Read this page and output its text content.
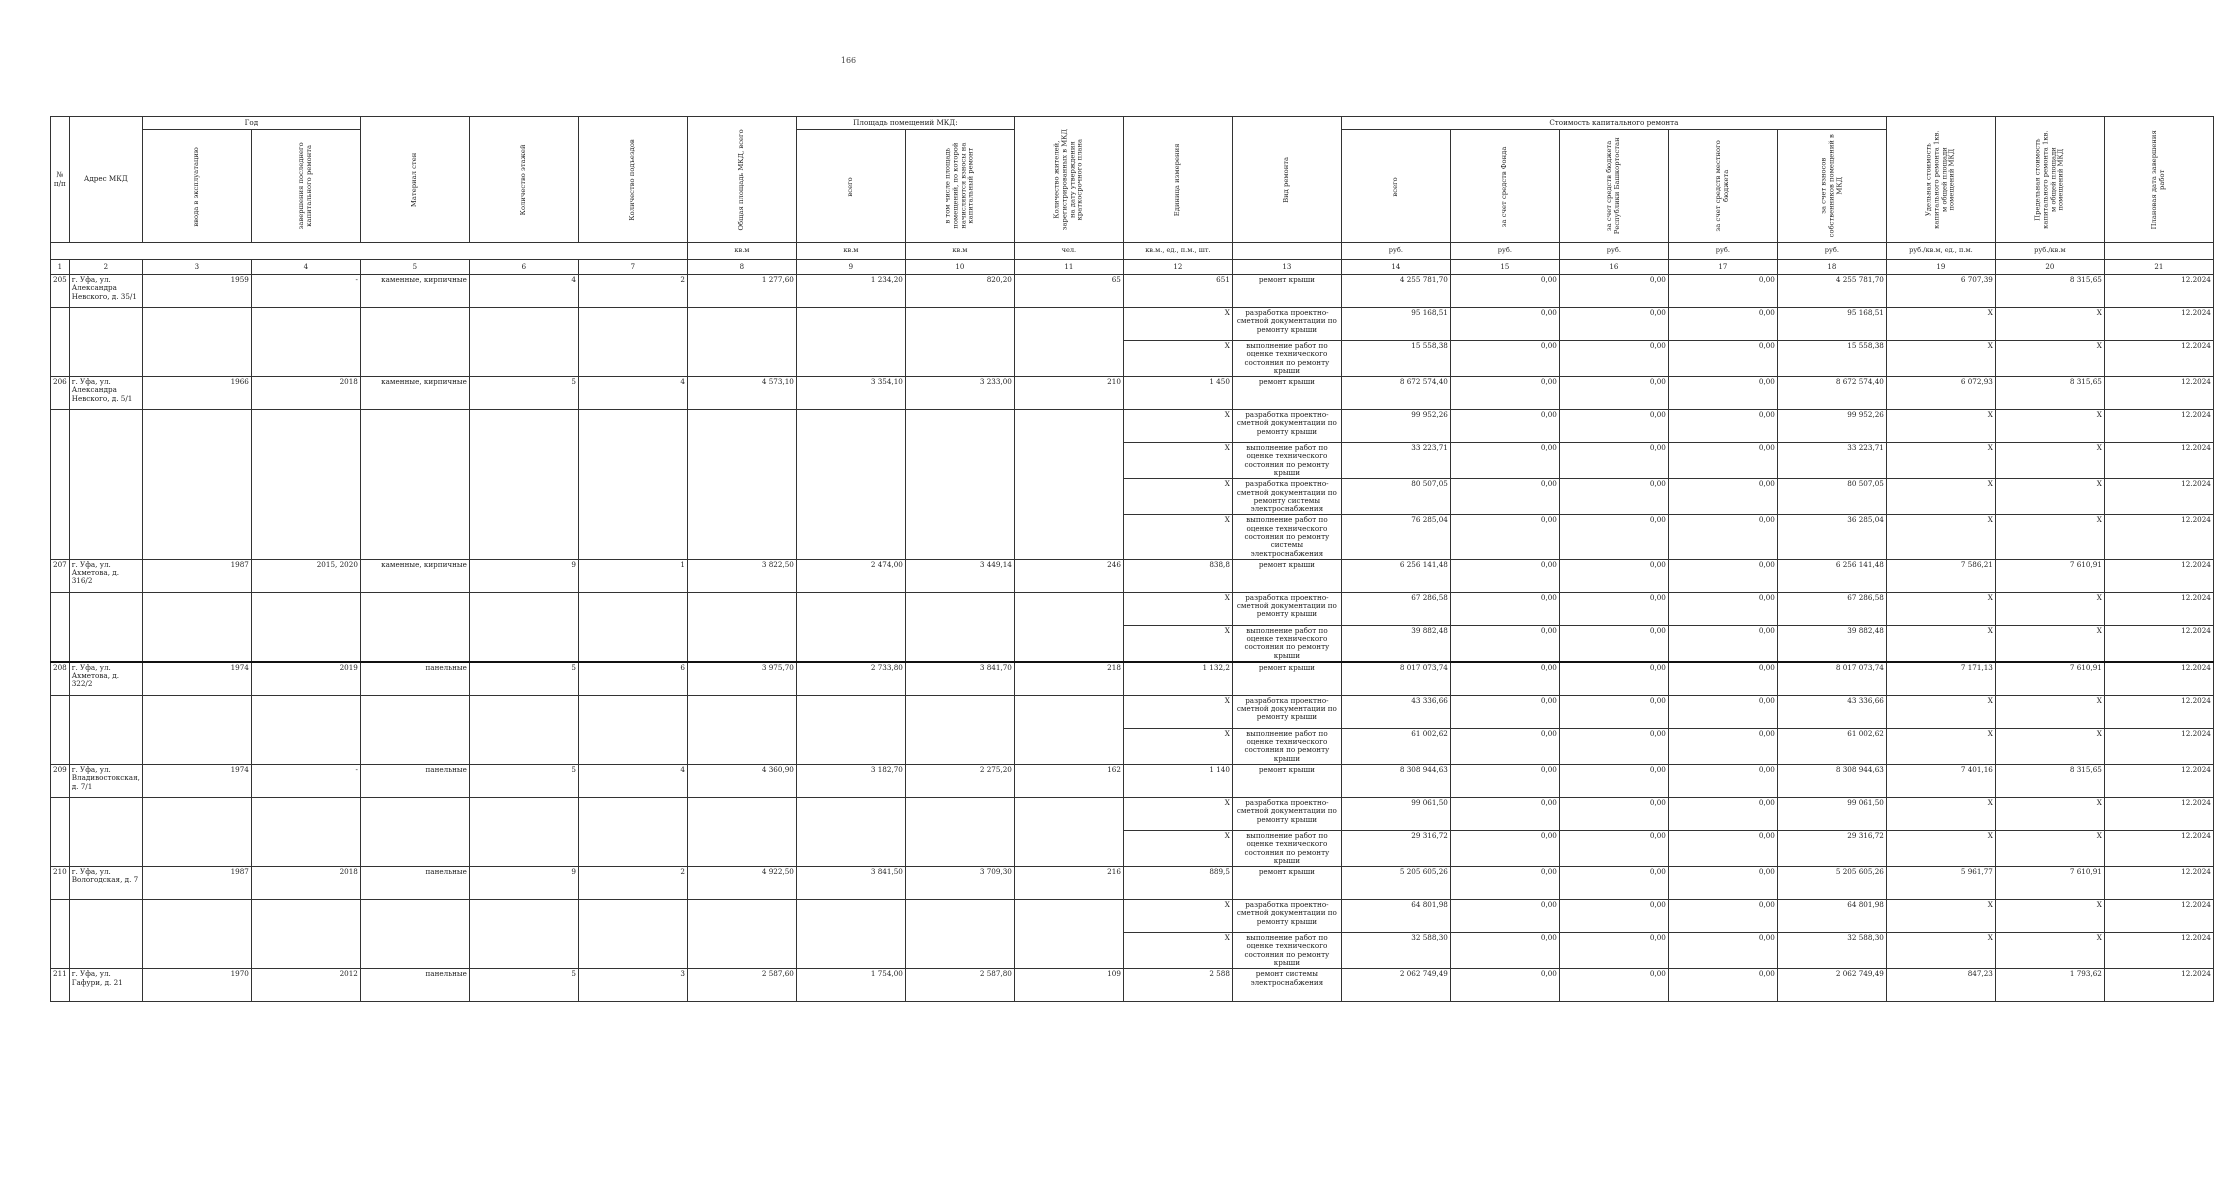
166
№ п/п	Адрес МКД	Год		Материал стен	Количество этажей	Количество подъездов	Общая площадь МКД, всего	Площадь помещений МКД:		Количество жителей, зарегистрированных в МКД на дату утверждения краткосрочного плана	Единица измерения	Вид ремонта	Стоимость капитального ремонта					Удельная стоимость капитального ремонта 1кв. м общей площади помещений МКД	Предельная стоимость капитального ремонта 1кв. м общей площади помещений МКД	Плановая дата завершения работ
		ввода в эксплуатацию	завершения последнего капитального ремонта					всего	в том числе площадь помещений, по которой начисляются взносы на капитальный ремонт				всего	за счет средств Фонда	за счет средств бюджета Республики Башкортостан	за счет средств местного бюджета	за счет взносов собственников помещений в МКД			
							кв.м	кв.м	кв.м	чел.	кв.м., ед., п.м., шт.		руб.	руб.	руб.	руб.	руб.	руб./кв.м, ед., п.м.	руб./кв.м	
1	2	3	4	5	6	7	8	9	10	11	12	13	14	15	16	17	18	19	20	21
205	г. Уфа, ул. Александра Невского, д. 35/1	1959	-	каменные, кирпичные	4	2	1 277,60	1 234,20	820,20	65	651	ремонт крыши	4 255 781,70	0,00	0,00	0,00	4 255 781,70	6 707,39	8 315,65	12.2024
											X	разработка проектно-сметной документации по ремонту крыши	95 168,51	0,00	0,00	0,00	95 168,51	X	X	12.2024
											X	выполнение работ по оценке технического состояния по ремонту крыши	15 558,38	0,00	0,00	0,00	15 558,38	X	X	12.2024
206	г. Уфа, ул. Александра Невского, д. 5/1	1966	2018	каменные, кирпичные	5	4	4 573,10	3 354,10	3 233,00	210	1 450	ремонт крыши	8 672 574,40	0,00	0,00	0,00	8 672 574,40	6 072,93	8 315,65	12.2024
											X	разработка проектно-сметной документации по ремонту крыши	99 952,26	0,00	0,00	0,00	99 952,26	X	X	12.2024
											X	выполнение работ по оценке технического состояния по ремонту крыши	33 223,71	0,00	0,00	0,00	33 223,71	X	X	12.2024
											X	разработка проектно-сметной документации по ремонту системы электроснабжения	80 507,05	0,00	0,00	0,00	80 507,05	X	X	12.2024
											X	выполнение работ по оценке технического состояния по ремонту системы электроснабжения	76 285,04	0,00	0,00	0,00	36 285,04	X	X	12.2024
207	г. Уфа, ул. Ахметова, д. 316/2	1987	2015, 2020	каменные, кирпичные	9	1	3 822,50	2 474,00	3 449,14	246	838,8	ремонт крыши	6 256 141,48	0,00	0,00	0,00	6 256 141,48	7 586,21	7 610,91	12.2024
											X	разработка проектно-сметной документации по ремонту крыши	67 286,58	0,00	0,00	0,00	67 286,58	X	X	12.2024
											X	выполнение работ по оценке технического состояния по ремонту крыши	39 882,48	0,00	0,00	0,00	39 882,48	X	X	12.2024
208	г. Уфа, ул. Ахметова, д. 322/2	1974	2019	панельные	5	6	3 975,70	2 733,80	3 841,70	218	1 132,2	ремонт крыши	8 017 073,74	0,00	0,00	0,00	8 017 073,74	7 171,13	7 610,91	12.2024
											X	разработка проектно-сметной документации по ремонту крыши	43 336,66	0,00	0,00	0,00	43 336,66	X	X	12.2024
											X	выполнение работ по оценке технического состояния по ремонту крыши	61 002,62	0,00	0,00	0,00	61 002,62	X	X	12.2024
209	г. Уфа, ул. Владивостокская, д. 7/1	1974	-	панельные	5	4	4 360,90	3 182,70	2 275,20	162	1 140	ремонт крыши	8 308 944,63	0,00	0,00	0,00	8 308 944,63	7 401,16	8 315,65	12.2024
											X	разработка проектно-сметной документации по ремонту крыши	99 061,50	0,00	0,00	0,00	99 061,50	X	X	12.2024
											X	выполнение работ по оценке технического состояния по ремонту крыши	29 316,72	0,00	0,00	0,00	29 316,72	X	X	12.2024
210	г. Уфа, ул. Вологодская, д. 7	1987	2018	панельные	9	2	4 922,50	3 841,50	3 709,30	216	889,5	ремонт крыши	5 205 605,26	0,00	0,00	0,00	5 205 605,26	5 961,77	7 610,91	12.2024
											X	разработка проектно-сметной документации по ремонту крыши	64 801,98	0,00	0,00	0,00	64 801,98	X	X	12.2024
											X	выполнение работ по оценке технического состояния по ремонту крыши	32 588,30	0,00	0,00	0,00	32 588,30	X	X	12.2024
211	г. Уфа, ул. Гафури, д. 21	1970	2012	панельные	5	3	2 587,60	1 754,00	2 587,80	109	2 588	ремонт системы электроснабжения	2 062 749,49	0,00	0,00	0,00	2 062 749,49	847,23	1 793,62	12.2024
